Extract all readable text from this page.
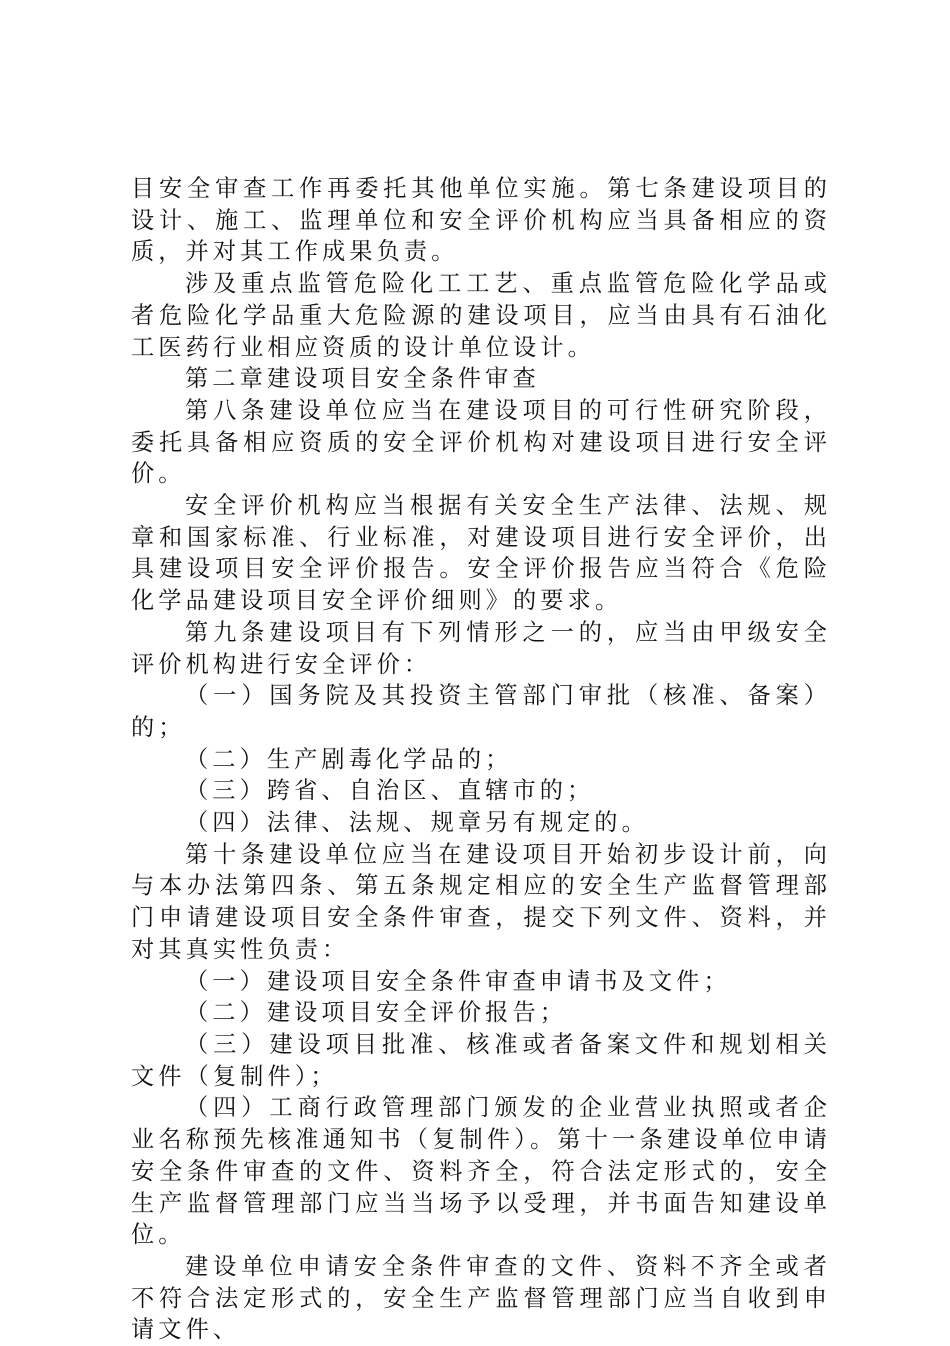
目安全审查工作再委托其他单位实施。第七条建设项目的设计、施工、监理单位和安全评价机构应当具备相应的资质，并对其工作成果负责。

涉及重点监管危险化工工艺、重点监管危险化学品或者危险化学品重大危险源的建设项目，应当由具有石油化工医药行业相应资质的设计单位设计。

第二章建设项目安全条件审查

第八条建设单位应当在建设项目的可行性研究阶段，委托具备相应资质的安全评价机构对建设项目进行安全评价。

安全评价机构应当根据有关安全生产法律、法规、规章和国家标准、行业标准，对建设项目进行安全评价，出具建设项目安全评价报告。安全评价报告应当符合《危险化学品建设项目安全评价细则》的要求。

第九条建设项目有下列情形之一的，应当由甲级安全评价机构进行安全评价：

（一）国务院及其投资主管部门审批（核准、备案）的；

（二）生产剧毒化学品的；

（三）跨省、自治区、直辖市的；

（四）法律、法规、规章另有规定的。

第十条建设单位应当在建设项目开始初步设计前，向与本办法第四条、第五条规定相应的安全生产监督管理部门申请建设项目安全条件审查，提交下列文件、资料，并对其真实性负责：

（一）建设项目安全条件审查申请书及文件；

（二）建设项目安全评价报告；

（三）建设项目批准、核准或者备案文件和规划相关文件（复制件）；

（四）工商行政管理部门颁发的企业营业执照或者企业名称预先核准通知书（复制件）。第十一条建设单位申请安全条件审查的文件、资料齐全，符合法定形式的，安全生产监督管理部门应当当场予以受理，并书面告知建设单位。

建设单位申请安全条件审查的文件、资料不齐全或者不符合法定形式的，安全生产监督管理部门应当自收到申请文件、
